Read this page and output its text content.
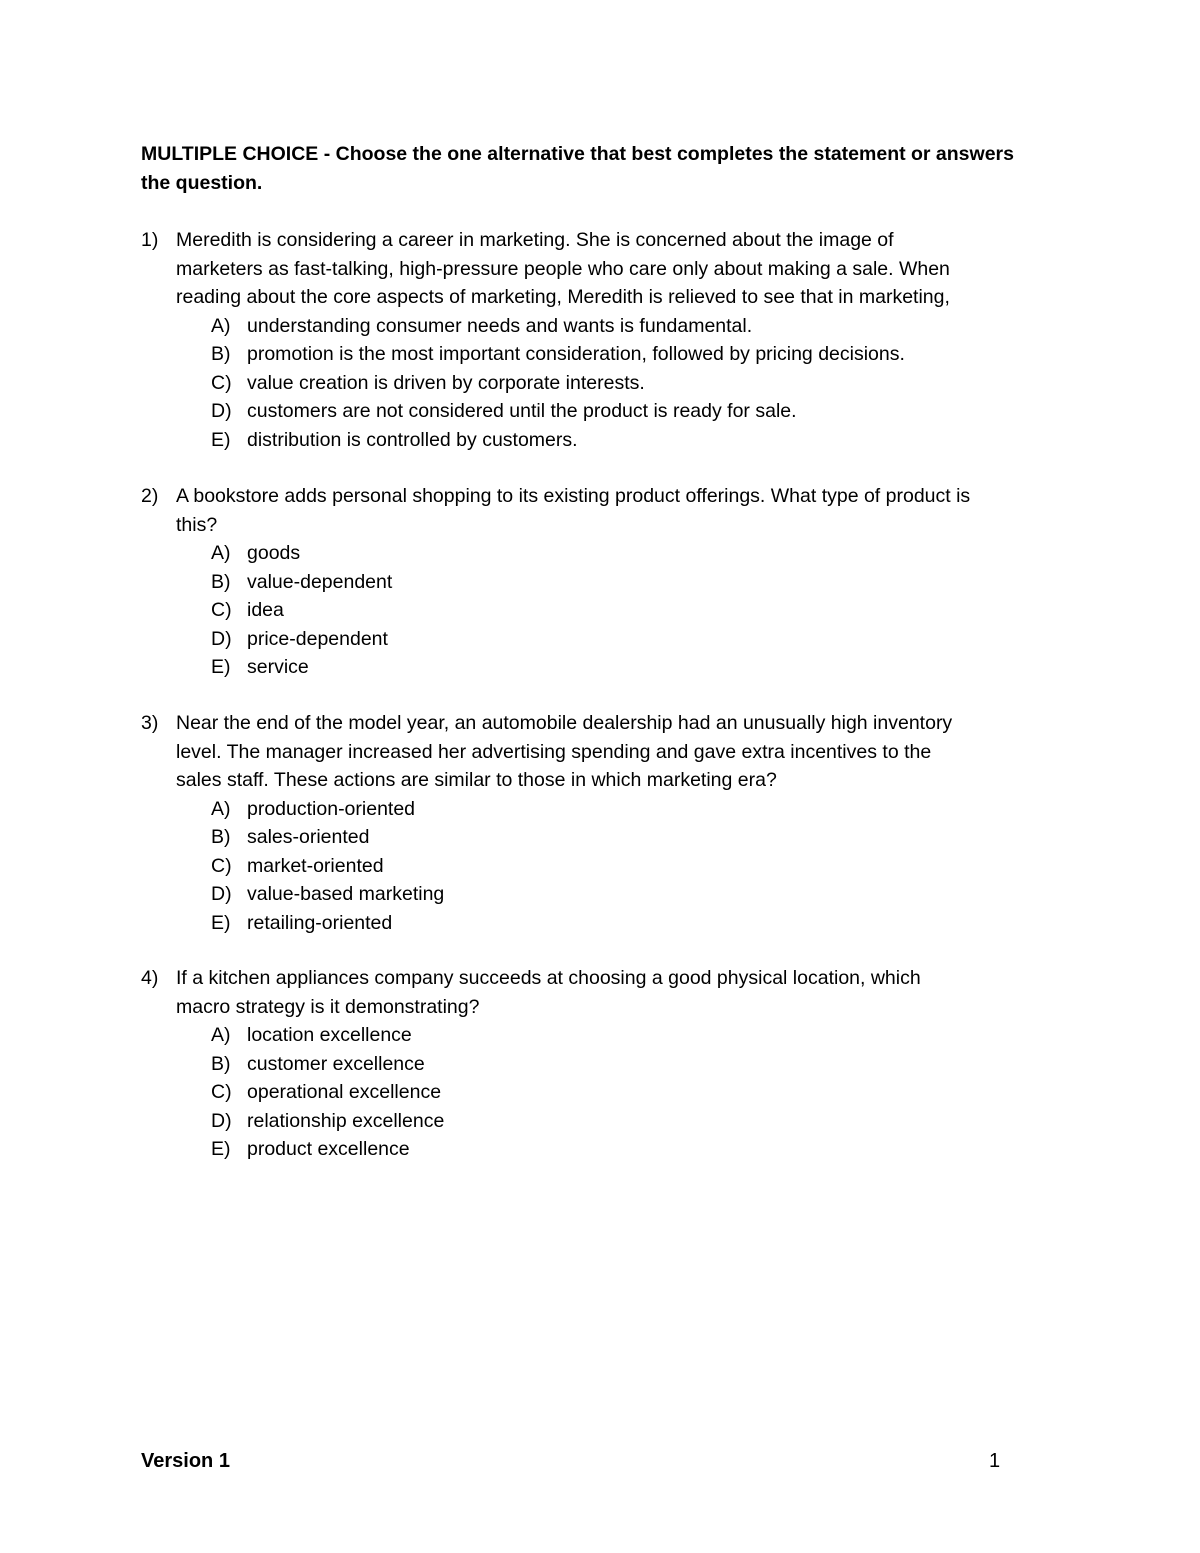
MULTIPLE CHOICE - Choose the one alternative that best completes the statement or answers the question.

1) Meredith is considering a career in marketing. She is concerned about the image of
marketers as fast-talking, high-pressure people who care only about making a sale. When
reading about the core aspects of marketing, Meredith is relieved to see that in marketing,
A) understanding consumer needs and wants is fundamental.
B) promotion is the most important consideration, followed by pricing decisions.
C) value creation is driven by corporate interests.
D) customers are not considered until the product is ready for sale.
E) distribution is controlled by customers.
2) A bookstore adds personal shopping to its existing product offerings. What type of product is
this?
A) goods
B) value-dependent
C) idea
D) price-dependent
E) service
3) Near the end of the model year, an automobile dealership had an unusually high inventory
level. The manager increased her advertising spending and gave extra incentives to the
sales staff. These actions are similar to those in which marketing era?
A) production-oriented
B) sales-oriented
C) market-oriented
D) value-based marketing
E) retailing-oriented
4) If a kitchen appliances company succeeds at choosing a good physical location, which
macro strategy is it demonstrating?
A) location excellence
B) customer excellence
C) operational excellence
D) relationship excellence
E) product excellence
Version 1	1
